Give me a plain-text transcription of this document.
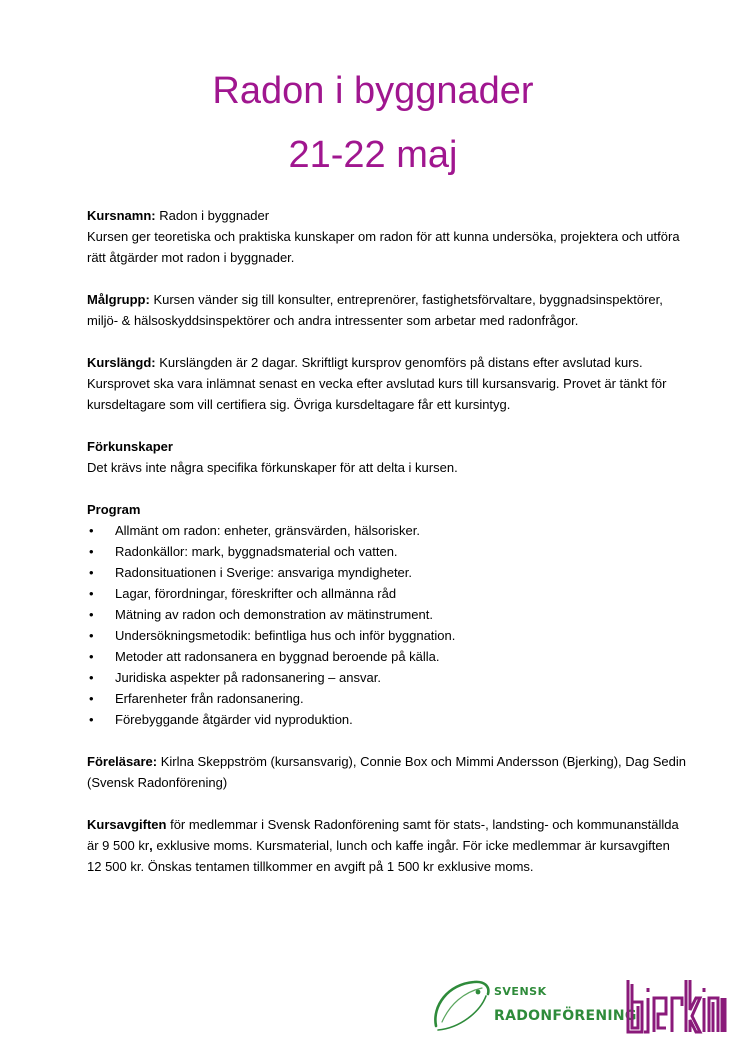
Radon i byggnader
21-22 maj

Kursnamn: Radon i byggnader
Kursen ger teoretiska och praktiska kunskaper om radon för att kunna undersöka, projektera och utföra rätt åtgärder mot radon i byggnader.

Målgrupp: Kursen vänder sig till konsulter, entreprenörer, fastighetsförvaltare, byggnadsinspektörer, miljö- & hälsoskyddsinspektörer och andra intressenter som arbetar med radonfrågor.

Kurslängd: Kurslängden är 2 dagar. Skriftligt kursprov genomförs på distans efter avslutad kurs. Kursprovet ska vara inlämnat senast en vecka efter avslutad kurs till kursansvarig. Provet är tänkt för kursdeltagare som vill certifiera sig. Övriga kursdeltagare får ett kursintyg.

Förkunskaper
Det krävs inte några specifika förkunskaper för att delta i kursen.

Program
• Allmänt om radon: enheter, gränsvärden, hälsorisker.
• Radonkällor: mark, byggnadsmaterial och vatten.
• Radonsituationen i Sverige: ansvariga myndigheter.
• Lagar, förordningar, föreskrifter och allmänna råd
• Mätning av radon och demonstration av mätinstrument.
• Undersökningsmetodik: befintliga hus och inför byggnation.
• Metoder att radonsanera en byggnad beroende på källa.
• Juridiska aspekter på radonsanering – ansvar.
• Erfarenheter från radonsanering.
• Förebyggande åtgärder vid nyproduktion.

Föreläsare: Kirlna Skeppström (kursansvarig), Connie Box och Mimmi Andersson (Bjerking), Dag Sedin (Svensk Radonförening)

Kursavgiften för medlemmar i Svensk Radonförening samt för stats-, landsting- och kommunanställda är 9 500 kr, exklusive moms. Kursmaterial, lunch och kaffe ingår. För icke medlemmar är kursavgiften 12 500 kr. Önskas tentamen tillkommer en avgift på 1 500 kr exklusive moms.

SVENSK
RADONFÖRENING
